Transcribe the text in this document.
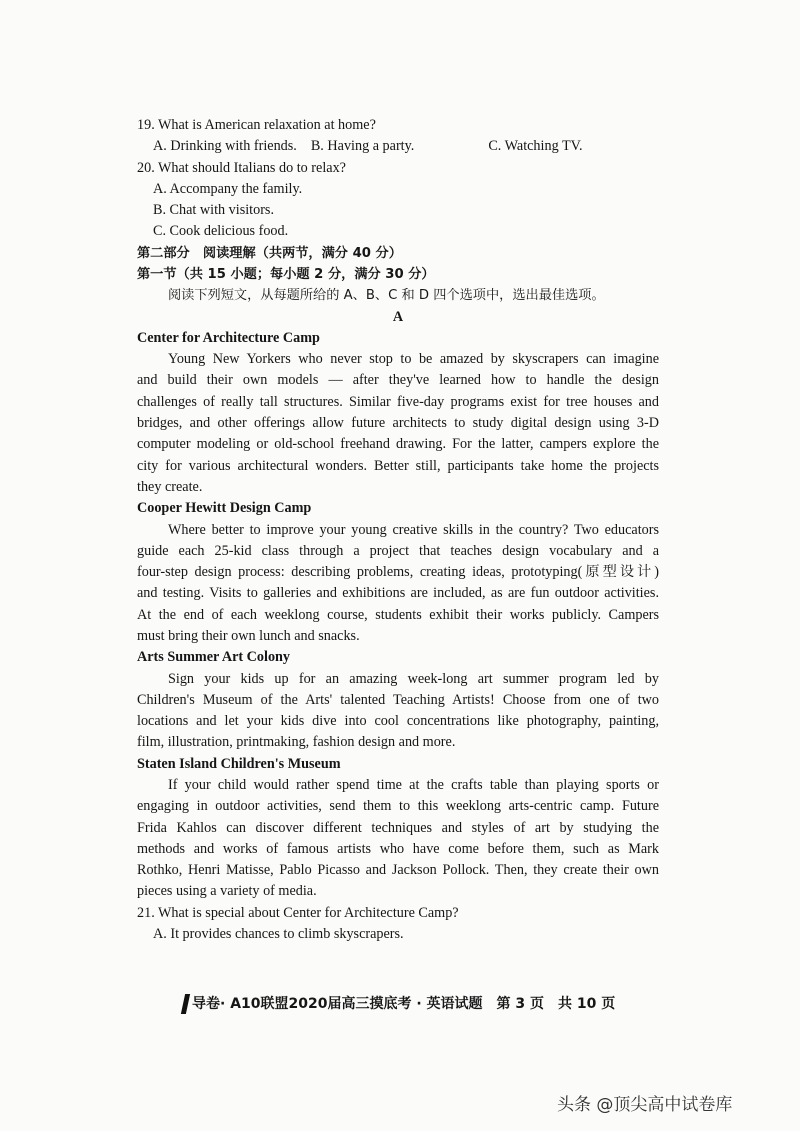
19. What is American relaxation at home?
A. Drinking with friends. B. Having a party.	C. Watching TV.
20. What should Italians do to relax?
A. Accompany the family.
B. Chat with visitors.
C. Cook delicious food.
第二部分　阅读理解（共两节，满分 40 分）
第一节（共 15 小题；每小题 2 分，满分 30 分）
阅读下列短文，从每题所给的 A、B、C 和 D 四个选项中，选出最佳选项。
A
Center for Architecture Camp
Young New Yorkers who never stop to be amazed by skyscrapers can imagine
and build their own models — after they've learned how to handle the design
challenges of really tall structures. Similar five-day programs exist for tree houses and
bridges, and other offerings allow future architects to study digital design using 3-D
computer modeling or old-school freehand drawing. For the latter, campers explore the
city for various architectural wonders. Better still, participants take home the projects
they create.
Cooper Hewitt Design Camp
Where better to improve your young creative skills in the country? Two educators
guide each 25-kid class through a project that teaches design vocabulary and a
four-step design process: describing problems, creating ideas, prototyping(原型设计)
and testing. Visits to galleries and exhibitions are included, as are fun outdoor activities.
At the end of each weeklong course, students exhibit their works publicly. Campers
must bring their own lunch and snacks.
Arts Summer Art Colony
Sign your kids up for an amazing week-long art summer program led by
Children's Museum of the Arts' talented Teaching Artists! Choose from one of two
locations and let your kids dive into cool concentrations like photography, painting,
film, illustration, printmaking, fashion design and more.
Staten Island Children's Museum
If your child would rather spend time at the crafts table than playing sports or
engaging in outdoor activities, send them to this weeklong arts-centric camp. Future
Frida Kahlos can discover different techniques and styles of art by studying the
methods and works of famous artists who have come before them, such as Mark
Rothko, Henri Matisse, Pablo Picasso and Jackson Pollock. Then, they create their own
pieces using a variety of media.
21. What is special about Center for Architecture Camp?
A. It provides chances to climb skyscrapers.
导卷· A10联盟2020届高三摸底考 · 英语试题　第 3 页　共 10 页
头条 @顶尖高中试卷库
